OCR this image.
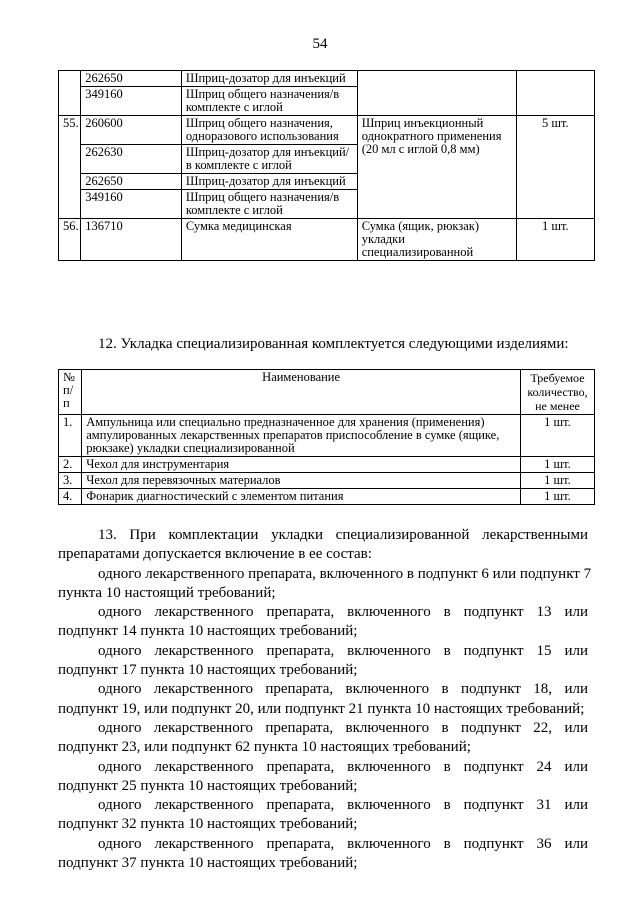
54
	262650	Шприц-дозатор для инъекций		
	349160	Шприц общего назначения/в комплекте с иглой		
55.	260600	Шприц общего назначения, одноразового использования	Шприц инъекционный однократного применения (20 мл с иглой 0,8 мм)	5 шт.
	262630	Шприц-дозатор для инъекций/в комплекте с иглой		
	262650	Шприц-дозатор для инъекций		
	349160	Шприц общего назначения/в комплекте с иглой		
56.	136710	Сумка медицинская	Сумка (ящик, рюкзак) укладки специализированной	1 шт.

12. Укладка специализированная комплектуется следующими изделиями:

№ п/п	Наименование	Требуемое количество, не менее
1.	Ампульница или специально предназначенное для хранения (применения) ампулированных лекарственных препаратов приспособление в сумке (ящике, рюкзаке) укладки специализированной	1 шт.
2.	Чехол для инструментария	1 шт.
3.	Чехол для перевязочных материалов	1 шт.
4.	Фонарик диагностический с элементом питания	1 шт.
13. При комплектации укладки специализированной лекарственными
препаратами допускается включение в ее состав:
одного лекарственного препарата, включенного в подпункт 6 или подпункт 7
пункта 10 настоящий требований;
одного лекарственного препарата, включенного в подпункт 13 или
подпункт 14 пункта 10 настоящих требований;
одного лекарственного препарата, включенного в подпункт 15 или
подпункт 17 пункта 10 настоящих требований;
одного лекарственного препарата, включенного в подпункт 18, или
подпункт 19, или подпункт 20, или подпункт 21 пункта 10 настоящих требований;
одного лекарственного препарата, включенного в подпункт 22, или
подпункт 23, или подпункт 62 пункта 10 настоящих требований;
одного лекарственного препарата, включенного в подпункт 24 или
подпункт 25 пункта 10 настоящих требований;
одного лекарственного препарата, включенного в подпункт 31 или
подпункт 32 пункта 10 настоящих требований;
одного лекарственного препарата, включенного в подпункт 36 или
подпункт 37 пункта 10 настоящих требований;
